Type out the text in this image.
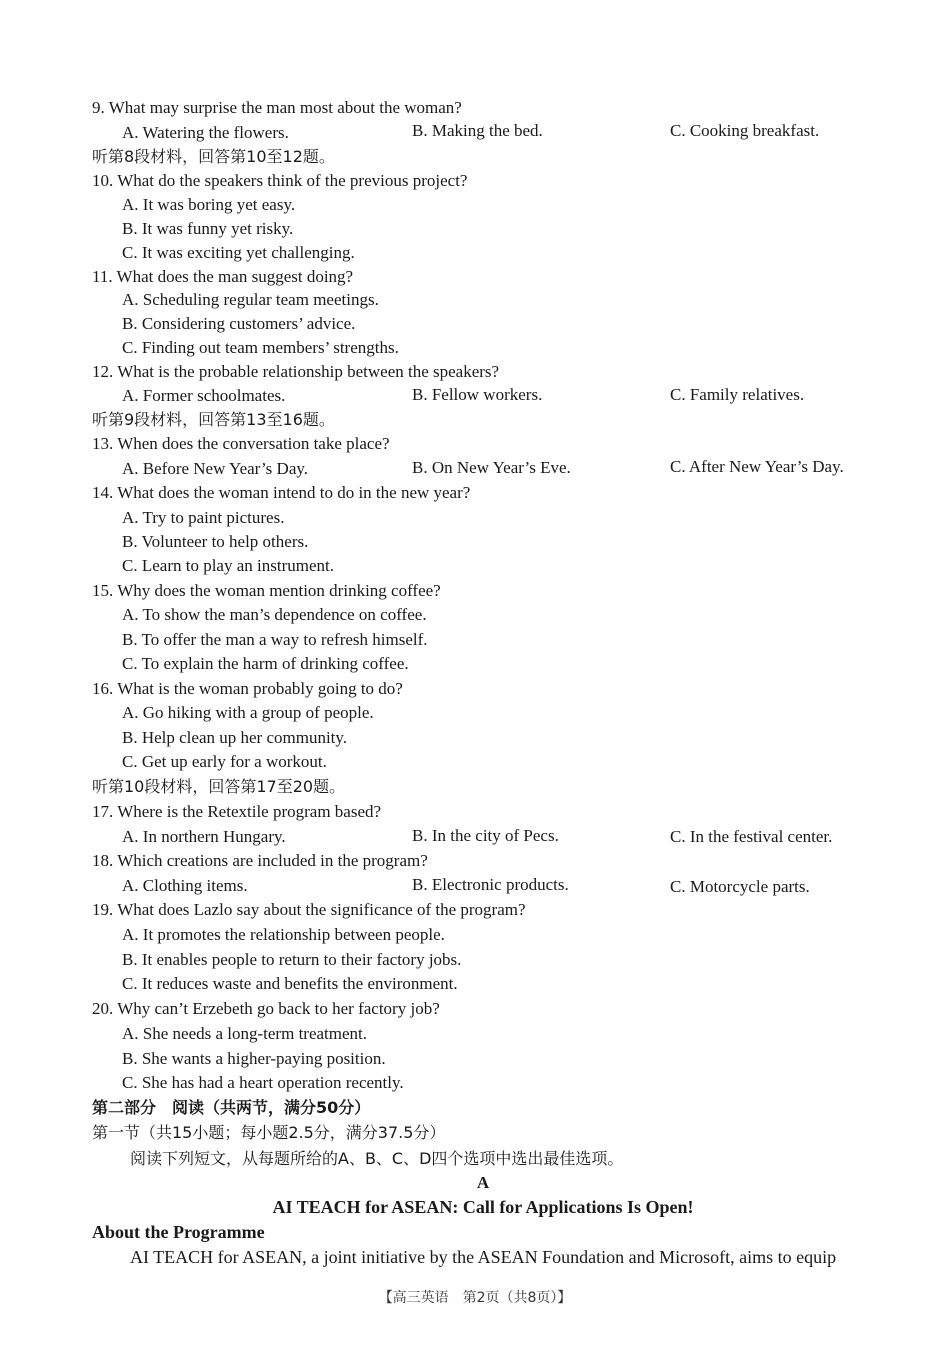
9. What may surprise the man most about the woman?
A. Watering the flowers.	B. Making the bed.	C. Cooking breakfast.
听第8段材料，回答第10至12题。
10. What do the speakers think of the previous project?
A. It was boring yet easy.
B. It was funny yet risky.
C. It was exciting yet challenging.
11. What does the man suggest doing?
A. Scheduling regular team meetings.
B. Considering customers’ advice.
C. Finding out team members’ strengths.
12. What is the probable relationship between the speakers?
A. Former schoolmates.	B. Fellow workers.	C. Family relatives.
听第9段材料，回答第13至16题。
13. When does the conversation take place?
A. Before New Year’s Day.	B. On New Year’s Eve.	C. After New Year’s Day.
14. What does the woman intend to do in the new year?
A. Try to paint pictures.
B. Volunteer to help others.
C. Learn to play an instrument.
15. Why does the woman mention drinking coffee?
A. To show the man’s dependence on coffee.
B. To offer the man a way to refresh himself.
C. To explain the harm of drinking coffee.
16. What is the woman probably going to do?
A. Go hiking with a group of people.
B. Help clean up her community.
C. Get up early for a workout.
听第10段材料，回答第17至20题。
17. Where is the Retextile program based?
A. In northern Hungary.	B. In the city of Pecs.	C. In the festival center.
18. Which creations are included in the program?
A. Clothing items.	B. Electronic products.	C. Motorcycle parts.
19. What does Lazlo say about the significance of the program?
A. It promotes the relationship between people.
B. It enables people to return to their factory jobs.
C. It reduces waste and benefits the environment.
20. Why can’t Erzebeth go back to her factory job?
A. She needs a long-term treatment.
B. She wants a higher-paying position.
C. She has had a heart operation recently.
第二部分　阅读（共两节，满分50分）
第一节（共15小题；每小题2.5分，满分37.5分）
阅读下列短文，从每题所给的A、B、C、D四个选项中选出最佳选项。
A
AI TEACH for ASEAN: Call for Applications Is Open!
About the Programme
AI TEACH for ASEAN, a joint initiative by the ASEAN Foundation and Microsoft, aims to equip
【高三英语　第2页（共8页）】
